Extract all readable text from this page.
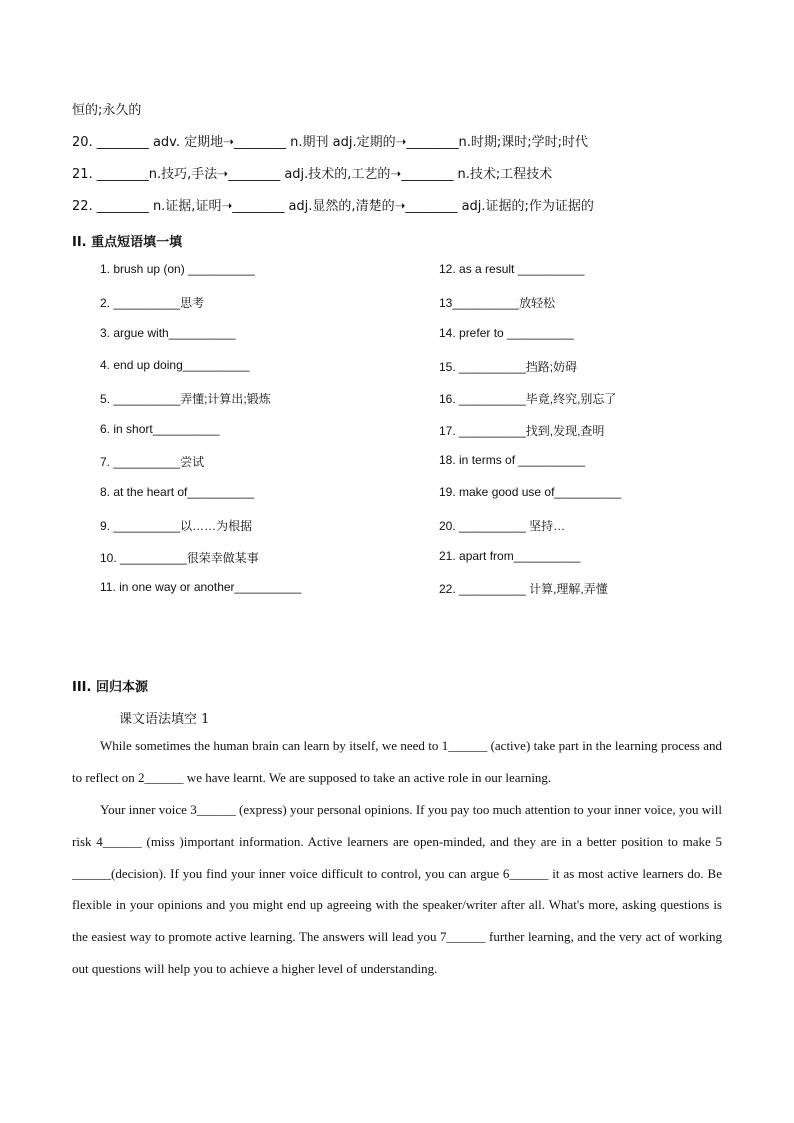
恒的;永久的
20. ________ adv. 定期地➝________ n.期刊 adj.定期的➝________n.时期;课时;学时;时代
21. ________n.技巧,手法➝________ adj.技术的,工艺的➝________ n.技术;工程技术
22. ________ n.证据,证明➝________ adj.显然的,清楚的➝________ adj.证据的;作为证据的
II. 重点短语填一填
1. brush up (on) __________
2. __________思考
3. argue with__________
4. end up doing__________
5. __________弄懂;计算出;锻炼
6. in short__________
7. __________尝试
8. at the heart of__________
9. __________以……为根据
10. __________很荣幸做某事
11. in one way or another__________
12. as a result __________
13__________放轻松
14. prefer to __________
15. __________挡路;妨碍
16. __________毕竟,终究,别忘了
17. __________找到,发现,查明
18. in terms of __________
19. make good use of__________
20. __________ 坚持…
21. apart from__________
22. __________ 计算,理解,弄懂
III. 回归本源
课文语法填空 1
While sometimes the human brain can learn by itself, we need to 1______ (active) take part in the learning process and to reflect on 2______ we have learnt. We are supposed to take an active role in our learning.
Your inner voice 3______ (express) your personal opinions. If you pay too much attention to your inner voice, you will risk 4______ (miss )important information. Active learners are open-minded, and they are in a better position to make 5 ______(decision). If you find your inner voice difficult to control, you can argue 6______ it as most active learners do. Be flexible in your opinions and you might end up agreeing with the speaker/writer after all. What's more, asking questions is the easiest way to promote active learning. The answers will lead you 7______ further learning, and the very act of working out questions will help you to achieve a higher level of understanding.
